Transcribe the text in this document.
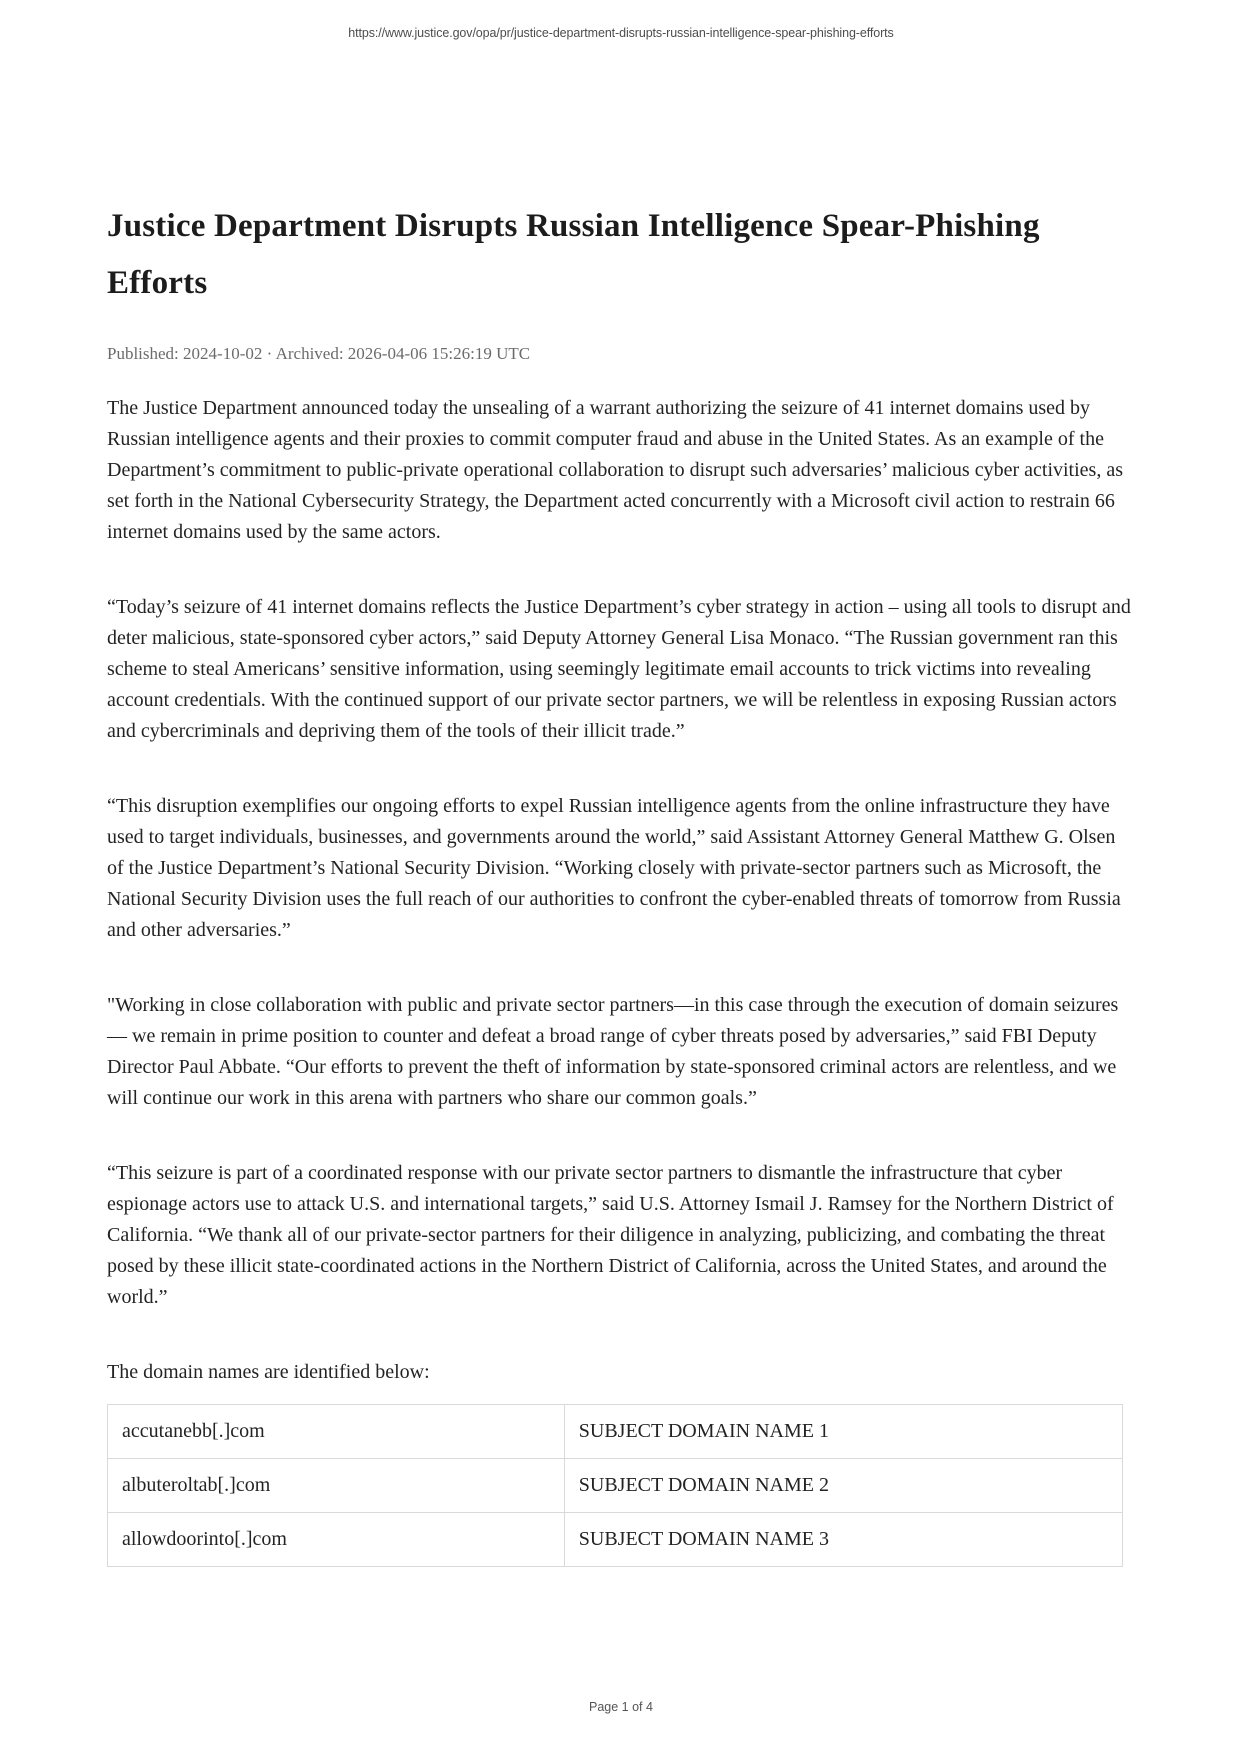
https://www.justice.gov/opa/pr/justice-department-disrupts-russian-intelligence-spear-phishing-efforts
Justice Department Disrupts Russian Intelligence Spear-Phishing Efforts
Published: 2024-10-02 · Archived: 2026-04-06 15:26:19 UTC

The Justice Department announced today the unsealing of a warrant authorizing the seizure of 41 internet domains used by Russian intelligence agents and their proxies to commit computer fraud and abuse in the United States. As an example of the Department’s commitment to public-private operational collaboration to disrupt such adversaries’ malicious cyber activities, as set forth in the National Cybersecurity Strategy, the Department acted concurrently with a Microsoft civil action to restrain 66 internet domains used by the same actors.

“Today’s seizure of 41 internet domains reflects the Justice Department’s cyber strategy in action – using all tools to disrupt and deter malicious, state-sponsored cyber actors,” said Deputy Attorney General Lisa Monaco. “The Russian government ran this scheme to steal Americans’ sensitive information, using seemingly legitimate email accounts to trick victims into revealing account credentials. With the continued support of our private sector partners, we will be relentless in exposing Russian actors and cybercriminals and depriving them of the tools of their illicit trade.”

“This disruption exemplifies our ongoing efforts to expel Russian intelligence agents from the online infrastructure they have used to target individuals, businesses, and governments around the world,” said Assistant Attorney General Matthew G. Olsen of the Justice Department’s National Security Division. “Working closely with private-sector partners such as Microsoft, the National Security Division uses the full reach of our authorities to confront the cyber-enabled threats of tomorrow from Russia and other adversaries.”

"Working in close collaboration with public and private sector partners—in this case through the execution of domain seizures — we remain in prime position to counter and defeat a broad range of cyber threats posed by adversaries,” said FBI Deputy Director Paul Abbate. “Our efforts to prevent the theft of information by state-sponsored criminal actors are relentless, and we will continue our work in this arena with partners who share our common goals.”

“This seizure is part of a coordinated response with our private sector partners to dismantle the infrastructure that cyber espionage actors use to attack U.S. and international targets,” said U.S. Attorney Ismail J. Ramsey for the Northern District of California. “We thank all of our private-sector partners for their diligence in analyzing, publicizing, and combating the threat posed by these illicit state-coordinated actions in the Northern District of California, across the United States, and around the world.”

The domain names are identified below:

accutanebb[.]com	SUBJECT DOMAIN NAME 1
albuteroltab[.]com	SUBJECT DOMAIN NAME 2
allowdoorinto[.]com	SUBJECT DOMAIN NAME 3
Page 1 of 4
